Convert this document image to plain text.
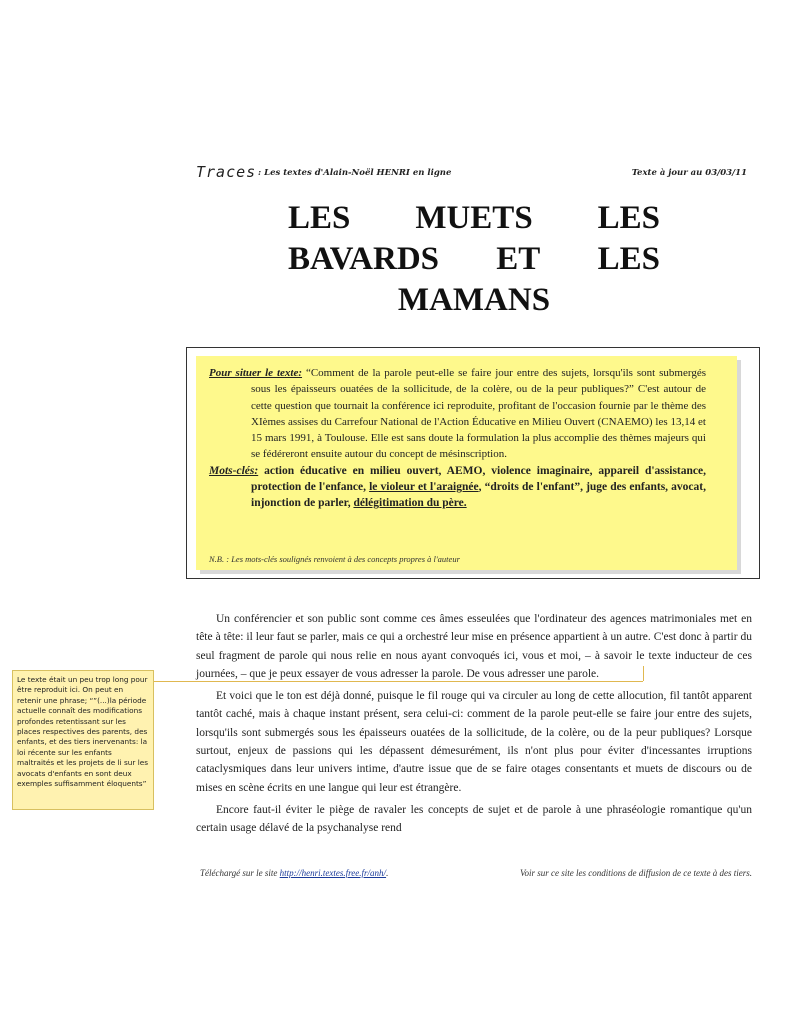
Traces : Les textes d'Alain-Noël HENRI en ligne	Texte à jour au 03/03/11
LES MUETS LES
BAVARDS ET LES
MAMANS

Pour situer le texte: “Comment de la parole peut-elle se faire jour entre des sujets, lorsqu'ils sont submergés sous les épaisseurs ouatées de la sollicitude, de la colère, ou de la peur publiques?” C'est autour de cette question que tournait la conférence ici reproduite, profitant de l'occasion fournie par le thème des XIèmes assises du Carrefour National de l'Action Éducative en Milieu Ouvert (CNAEMO) les 13,14 et 15 mars 1991, à Toulouse. Elle est sans doute la formulation la plus accomplie des thèmes majeurs qui se fédéreront ensuite autour du concept de mésinscription.

Mots-clés: action éducative en milieu ouvert, AEMO, violence imaginaire, appareil d'assistance, protection de l'enfance, le violeur et l'araignée, “droits de l'enfant”, juge des enfants, avocat, injonction de parler, délégitimation du père.

N.B. : Les mots-clés soulignés renvoient à des concepts propres à l'auteur

Un conférencier et son public sont comme ces âmes esseulées que l'ordinateur des agences matrimoniales met en tête à tête: il leur faut se parler, mais ce qui a orchestré leur mise en présence appartient à un autre. C'est donc à partir du seul fragment de parole qui nous relie en nous ayant convoqués ici, vous et moi, – à savoir le texte inducteur de ces journées, – que je peux essayer de vous adresser la parole. De vous adresser une parole.

Et voici que le ton est déjà donné, puisque le fil rouge qui va circuler au long de cette allocution, fil tantôt apparent tantôt caché, mais à chaque instant présent, sera celui-ci: comment de la parole peut-elle se faire jour entre des sujets, lorsqu'ils sont submergés sous les épaisseurs ouatées de la sollicitude, de la colère, ou de la peur publiques? Lorsque surtout, enjeux de passions qui les dépassent démesurément, ils n'ont plus pour éviter d'incessantes irruptions cataclysmiques dans leur univers intime, d'autre issue que de se faire otages consentants et muets de discours ou de mises en scène écrits en une langue qui leur est étrangère.

Encore faut-il éviter le piège de ravaler les concepts de sujet et de parole à une phraséologie romantique qu'un certain usage délavé de la psychanalyse rend

Le texte était un peu trop long pour être reproduit ici. On peut en retenir une phrase; “”(...)la période actuelle connaît des modifications profondes retentissant sur les places respectives des parents, des enfants, et des tiers inervenants: la loi récente sur les enfants maltraités et les projets de li sur les avocats d'enfants en sont deux exemples suffisamment éloquents”
Téléchargé sur le site http://henri.textes.free.fr/anh/.	Voir sur ce site les conditions de diffusion de ce texte à des tiers.
